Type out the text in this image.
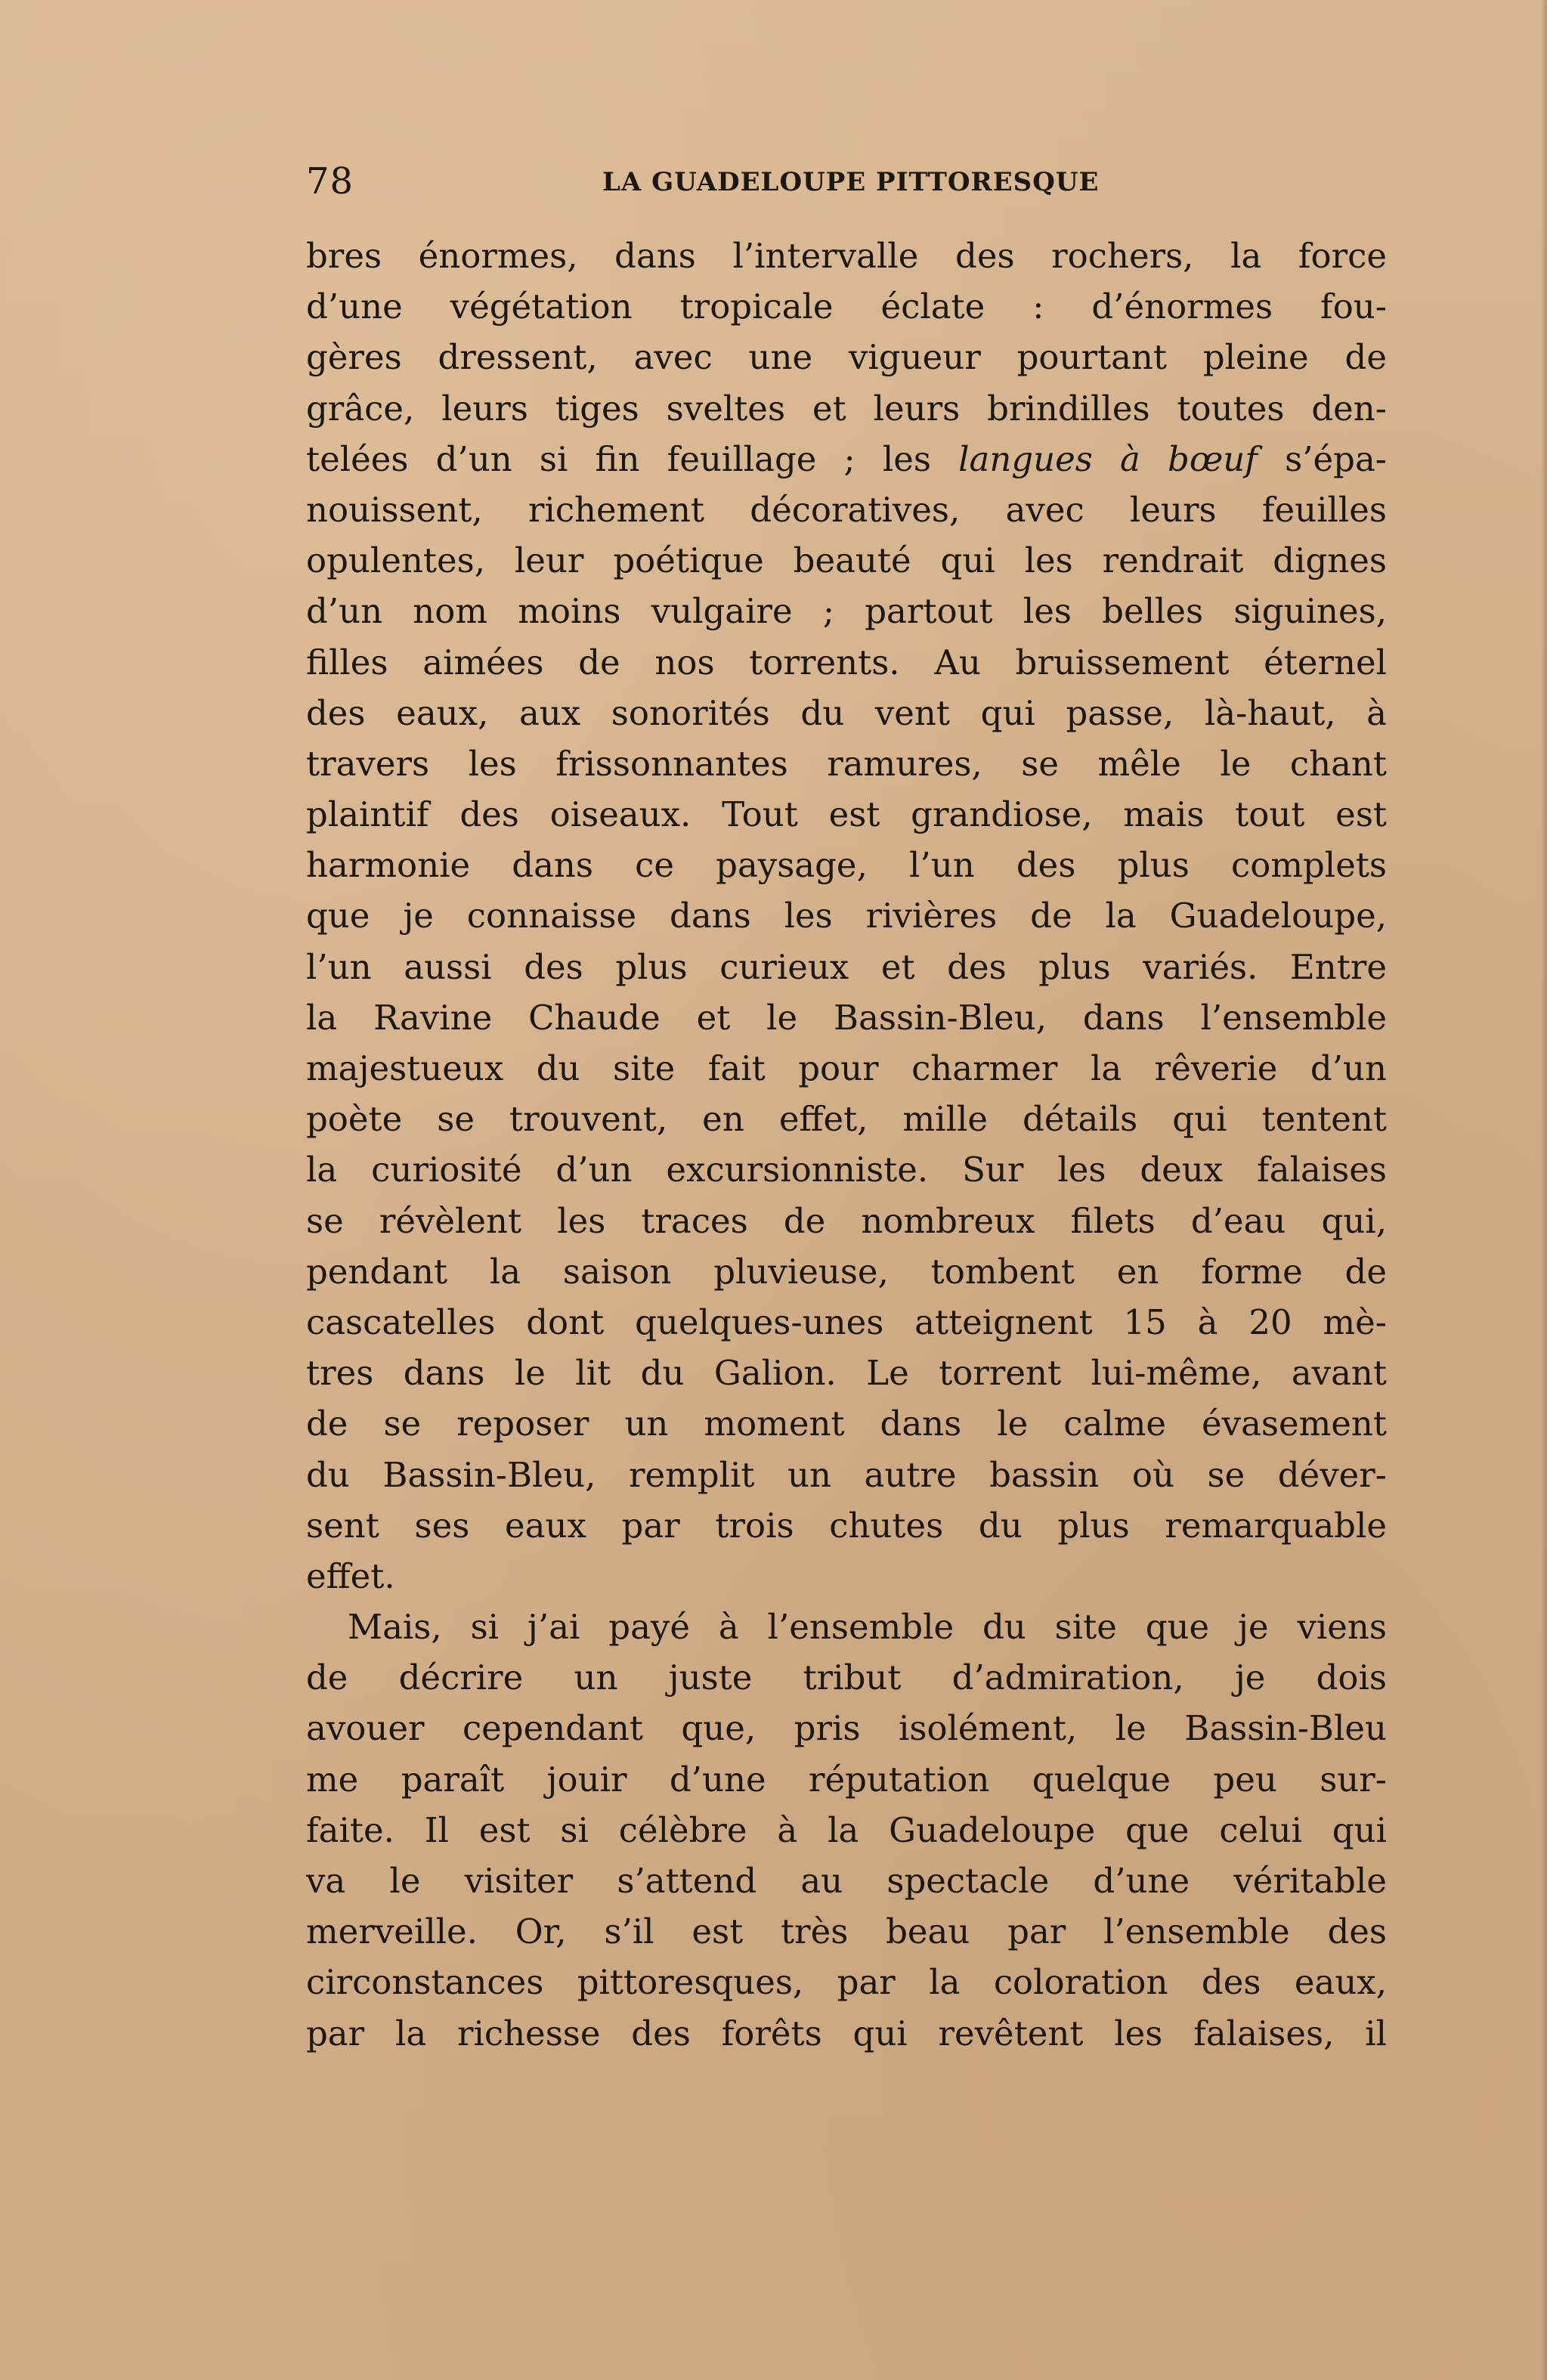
78	LA GUADELOUPE PITTORESQUE
bres énormes, dans l’intervalle des rochers, la force
d’une végétation tropicale éclate : d’énormes fou-
gères dressent, avec une vigueur pourtant pleine de
grâce, leurs tiges sveltes et leurs brindilles toutes den-
telées d’un si fin feuillage ; les langues à bœuf s’épa-
nouissent, richement décoratives, avec leurs feuilles
opulentes, leur poétique beauté qui les rendrait dignes
d’un nom moins vulgaire ; partout les belles siguines,
filles aimées de nos torrents. Au bruissement éternel
des eaux, aux sonorités du vent qui passe, là-haut, à
travers les frissonnantes ramures, se mêle le chant
plaintif des oiseaux. Tout est grandiose, mais tout est
harmonie dans ce paysage, l’un des plus complets
que je connaisse dans les rivières de la Guadeloupe,
l’un aussi des plus curieux et des plus variés. Entre
la Ravine Chaude et le Bassin-Bleu, dans l’ensemble
majestueux du site fait pour charmer la rêverie d’un
poète se trouvent, en effet, mille détails qui tentent
la curiosité d’un excursionniste. Sur les deux falaises
se révèlent les traces de nombreux filets d’eau qui,
pendant la saison pluvieuse, tombent en forme de
cascatelles dont quelques-unes atteignent 15 à 20 mè-
tres dans le lit du Galion. Le torrent lui-même, avant
de se reposer un moment dans le calme évasement
du Bassin-Bleu, remplit un autre bassin où se déver-
sent ses eaux par trois chutes du plus remarquable
effet.
Mais, si j’ai payé à l’ensemble du site que je viens
de décrire un juste tribut d’admiration, je dois
avouer cependant que, pris isolément, le Bassin-Bleu
me paraît jouir d’une réputation quelque peu sur-
faite. Il est si célèbre à la Guadeloupe que celui qui
va le visiter s’attend au spectacle d’une véritable
merveille. Or, s’il est très beau par l’ensemble des
circonstances pittoresques, par la coloration des eaux,
par la richesse des forêts qui revêtent les falaises, il
